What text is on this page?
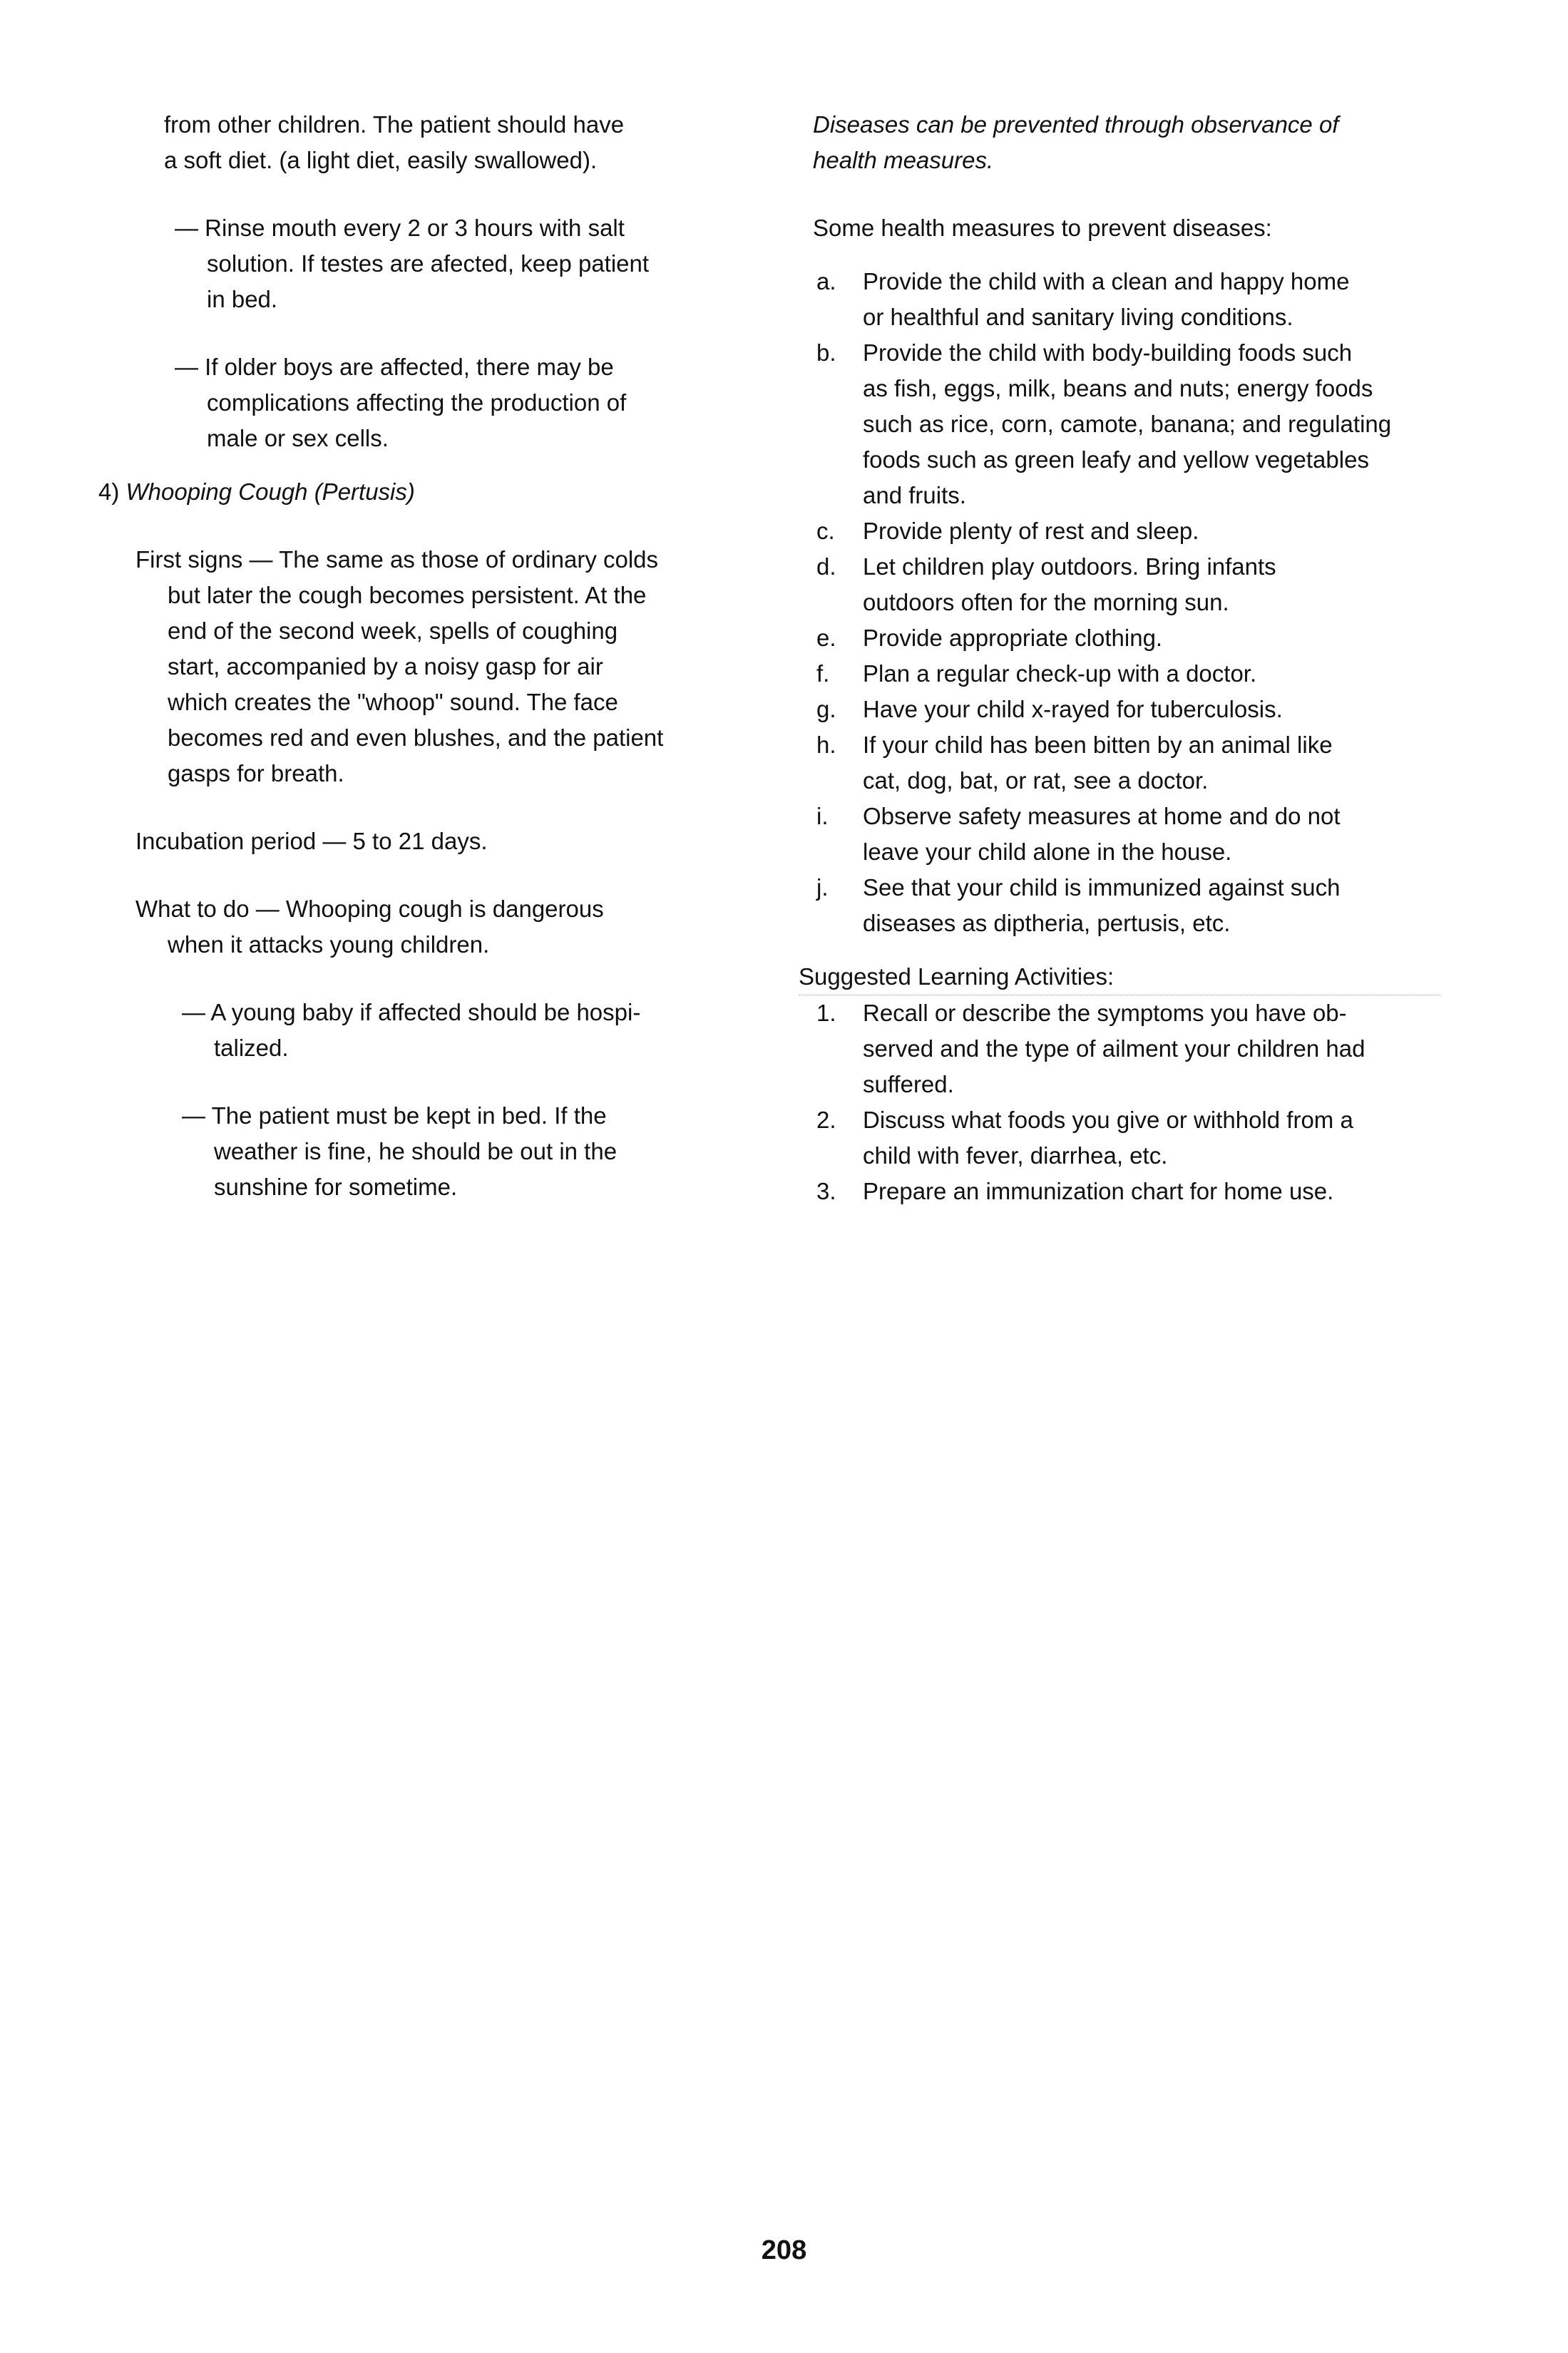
from other children. The patient should have
a soft diet. (a light diet, easily swallowed).
— Rinse mouth every 2 or 3 hours with salt
solution. If testes are afected, keep patient
in bed.
— If older boys are affected, there may be
complications affecting the production of
male or sex cells.
4) Whooping Cough (Pertusis)
First signs — The same as those of ordinary colds
but later the cough becomes persistent. At the
end of the second week, spells of coughing
start, accompanied by a noisy gasp for air
which creates the "whoop" sound. The face
becomes red and even blushes, and the patient
gasps for breath.
Incubation period — 5 to 21 days.
What to do — Whooping cough is dangerous
when it attacks young children.
— A young baby if affected should be hospi-
talized.
— The patient must be kept in bed. If the
weather is fine, he should be out in the
sunshine for sometime.
Diseases can be prevented through observance of
health measures.
Some health measures to prevent diseases:
a. Provide the child with a clean and happy home
or healthful and sanitary living conditions.
b. Provide the child with body-building foods such
as fish, eggs, milk, beans and nuts; energy foods
such as rice, corn, camote, banana; and regulating
foods such as green leafy and yellow vegetables
and fruits.
c. Provide plenty of rest and sleep.
d. Let children play outdoors. Bring infants
outdoors often for the morning sun.
e. Provide appropriate clothing.
f. Plan a regular check-up with a doctor.
g. Have your child x-rayed for tuberculosis.
h. If your child has been bitten by an animal like
cat, dog, bat, or rat, see a doctor.
i. Observe safety measures at home and do not
leave your child alone in the house.
j. See that your child is immunized against such
diseases as diptheria, pertusis, etc.
Suggested Learning Activities:
1. Recall or describe the symptoms you have ob-
served and the type of ailment your children had
suffered.
2. Discuss what foods you give or withhold from a
child with fever, diarrhea, etc.
3. Prepare an immunization chart for home use.
208
